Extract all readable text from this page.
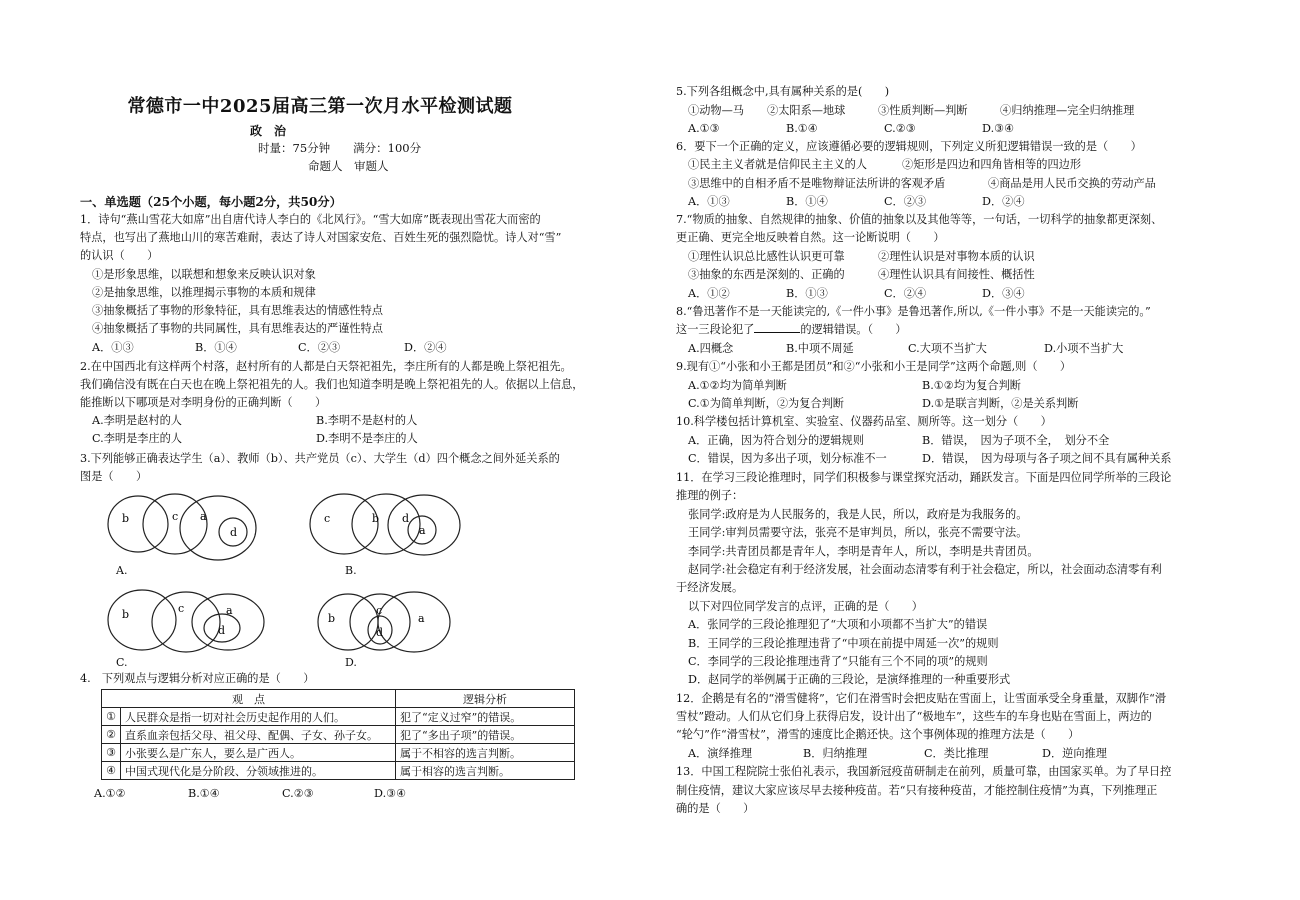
常德市一中2025届高三第一次月水平检测试题
政　治
时量：75分钟　　满分：100分
命题人　审题人
一、单选题（25个小题，每小题2分，共50分）
1．诗句“燕山雪花大如席”出自唐代诗人李白的《北风行》。“雪大如席”既表现出雪花大而密的
特点，也写出了燕地山川的寒苦难耐，表达了诗人对国家安危、百姓生死的强烈隐忧。诗人对“雪”
的认识（　　）
①是形象思维，以联想和想象来反映认识对象
②是抽象思维，以推理揭示事物的本质和规律
③抽象概括了事物的形象特征，具有思维表达的情感性特点
④抽象概括了事物的共同属性，具有思维表达的严谨性特点
A．①③	B．①④	C．②③	D．②④
2.在中国西北有这样两个村落，赵村所有的人都是白天祭祀祖先，李庄所有的人都是晚上祭祀祖先。
我们确信没有既在白天也在晚上祭祀祖先的人。我们也知道李明是晚上祭祀祖先的人。依据以上信息，
能推断以下哪项是对李明身份的正确判断（　　）
A.李明是赵村的人	B.李明不是赵村的人
C.李明是李庄的人	D.李明不是李庄的人
3.下列能够正确表达学生（a）、教师（b）、共产党员（c）、大学生（d）四个概念之间外延关系的
图是（　　）
b	c a
d
A.
c	b d
a
B.
b	c	a
d
C.
b
c
d
a
D.
4.　下列观点与逻辑分析对应正确的是（　　）
观　点		逻辑分析
①	人民群众是指一切对社会历史起作用的人们。	犯了“定义过窄”的错误。
②	直系血亲包括父母、祖父母、配偶、子女、孙子女。	犯了“多出子项”的错误。
③	小张要么是广东人，要么是广西人。	属于不相容的选言判断。
④	中国式现代化是分阶段、分领域推进的。	属于相容的选言判断。
A.①②	B.①④	C.②③	D.③④
5.下列各组概念中,具有属种关系的是(　　)
①动物—马 ②太阳系—地球	③性质判断—判断	④归纳推理—完全归纳推理
A.①③	B.①④	C.②③	D.③④
6．要下一个正确的定义，应该遵循必要的逻辑规则，下列定义所犯逻辑错误一致的是（　　）
①民主主义者就是信仰民主主义的人	②矩形是四边和四角皆相等的四边形
③思维中的自相矛盾不是唯物辩证法所讲的客观矛盾	④商品是用人民币交换的劳动产品
A．①③	B．①④	C．②③	D．②④
7.“物质的抽象、自然规律的抽象、价值的抽象以及其他等等，一句话，一切科学的抽象都更深刻、
更正确、更完全地反映着自然。这一论断说明（　　）
①理性认识总比感性认识更可靠	②理性认识是对事物本质的认识
③抽象的东西是深刻的、正确的	④理性认识具有间接性、概括性
A．①②	B．①③	C．②④	D．③④
8.“鲁迅著作不是一天能读完的,《一件小事》是鲁迅著作,所以,《一件小事》不是一天能读完的。”
这一三段论犯了	的逻辑错误。（　　）
A.四概念	B.中项不周延	C.大项不当扩大	D.小项不当扩大
9.现有①“小张和小王都是团员”和②“小张和小王是同学”这两个命题,则（　　）
A.①②均为简单判断	B.①②均为复合判断
C.①为简单判断，②为复合判断	D.①是联言判断，②是关系判断
10.科学楼包括计算机室、实验室、仪器药品室、厕所等。这一划分（　　）
A．正确，因为符合划分的逻辑规则	B．错误，　因为子项不全，　划分不全
C．错误，因为多出子项，划分标准不一	D．错误，　因为母项与各子项之间不具有属种关系
11．在学习三段论推理时，同学们积极参与课堂探究活动，踊跃发言。下面是四位同学所举的三段论
推理的例子：
张同学:政府是为人民服务的，我是人民，所以，政府是为我服务的。
王同学:审判员需要守法，张亮不是审判员，所以，张亮不需要守法。
李同学:共青团员都是青年人，李明是青年人，所以，李明是共青团员。
赵同学:社会稳定有利于经济发展，社会面动态清零有利于社会稳定，所以，社会面动态清零有利
于经济发展。
以下对四位同学发言的点评，正确的是（　　）
A．张同学的三段论推理犯了“大项和小项都不当扩大”的错误
B．王同学的三段论推理违背了“中项在前提中周延一次”的规则
C．李同学的三段论推理违背了“只能有三个不同的项”的规则
D．赵同学的举例属于正确的三段论，是演绎推理的一种重要形式
12．企鹅是有名的“滑雪健将”，它们在滑雪时会把皮贴在雪面上，让雪面承受全身重量，双脚作“滑
雪杖”蹬动。人们从它们身上获得启发，设计出了“极地车”，这些车的车身也贴在雪面上，两边的
“轮勺”作“滑雪杖”，滑雪的速度比企鹅还快。这个事例体现的推理方法是（　　）
A．演绎推理	B．归纳推理	C．类比推理	D．逆向推理
13．中国工程院院士张伯礼表示，我国新冠疫苗研制走在前列，质量可靠，由国家买单。为了早日控
制住疫情，建议大家应该尽早去接种疫苗。若“只有接种疫苗，才能控制住疫情”为真，下列推理正
确的是（　　）
